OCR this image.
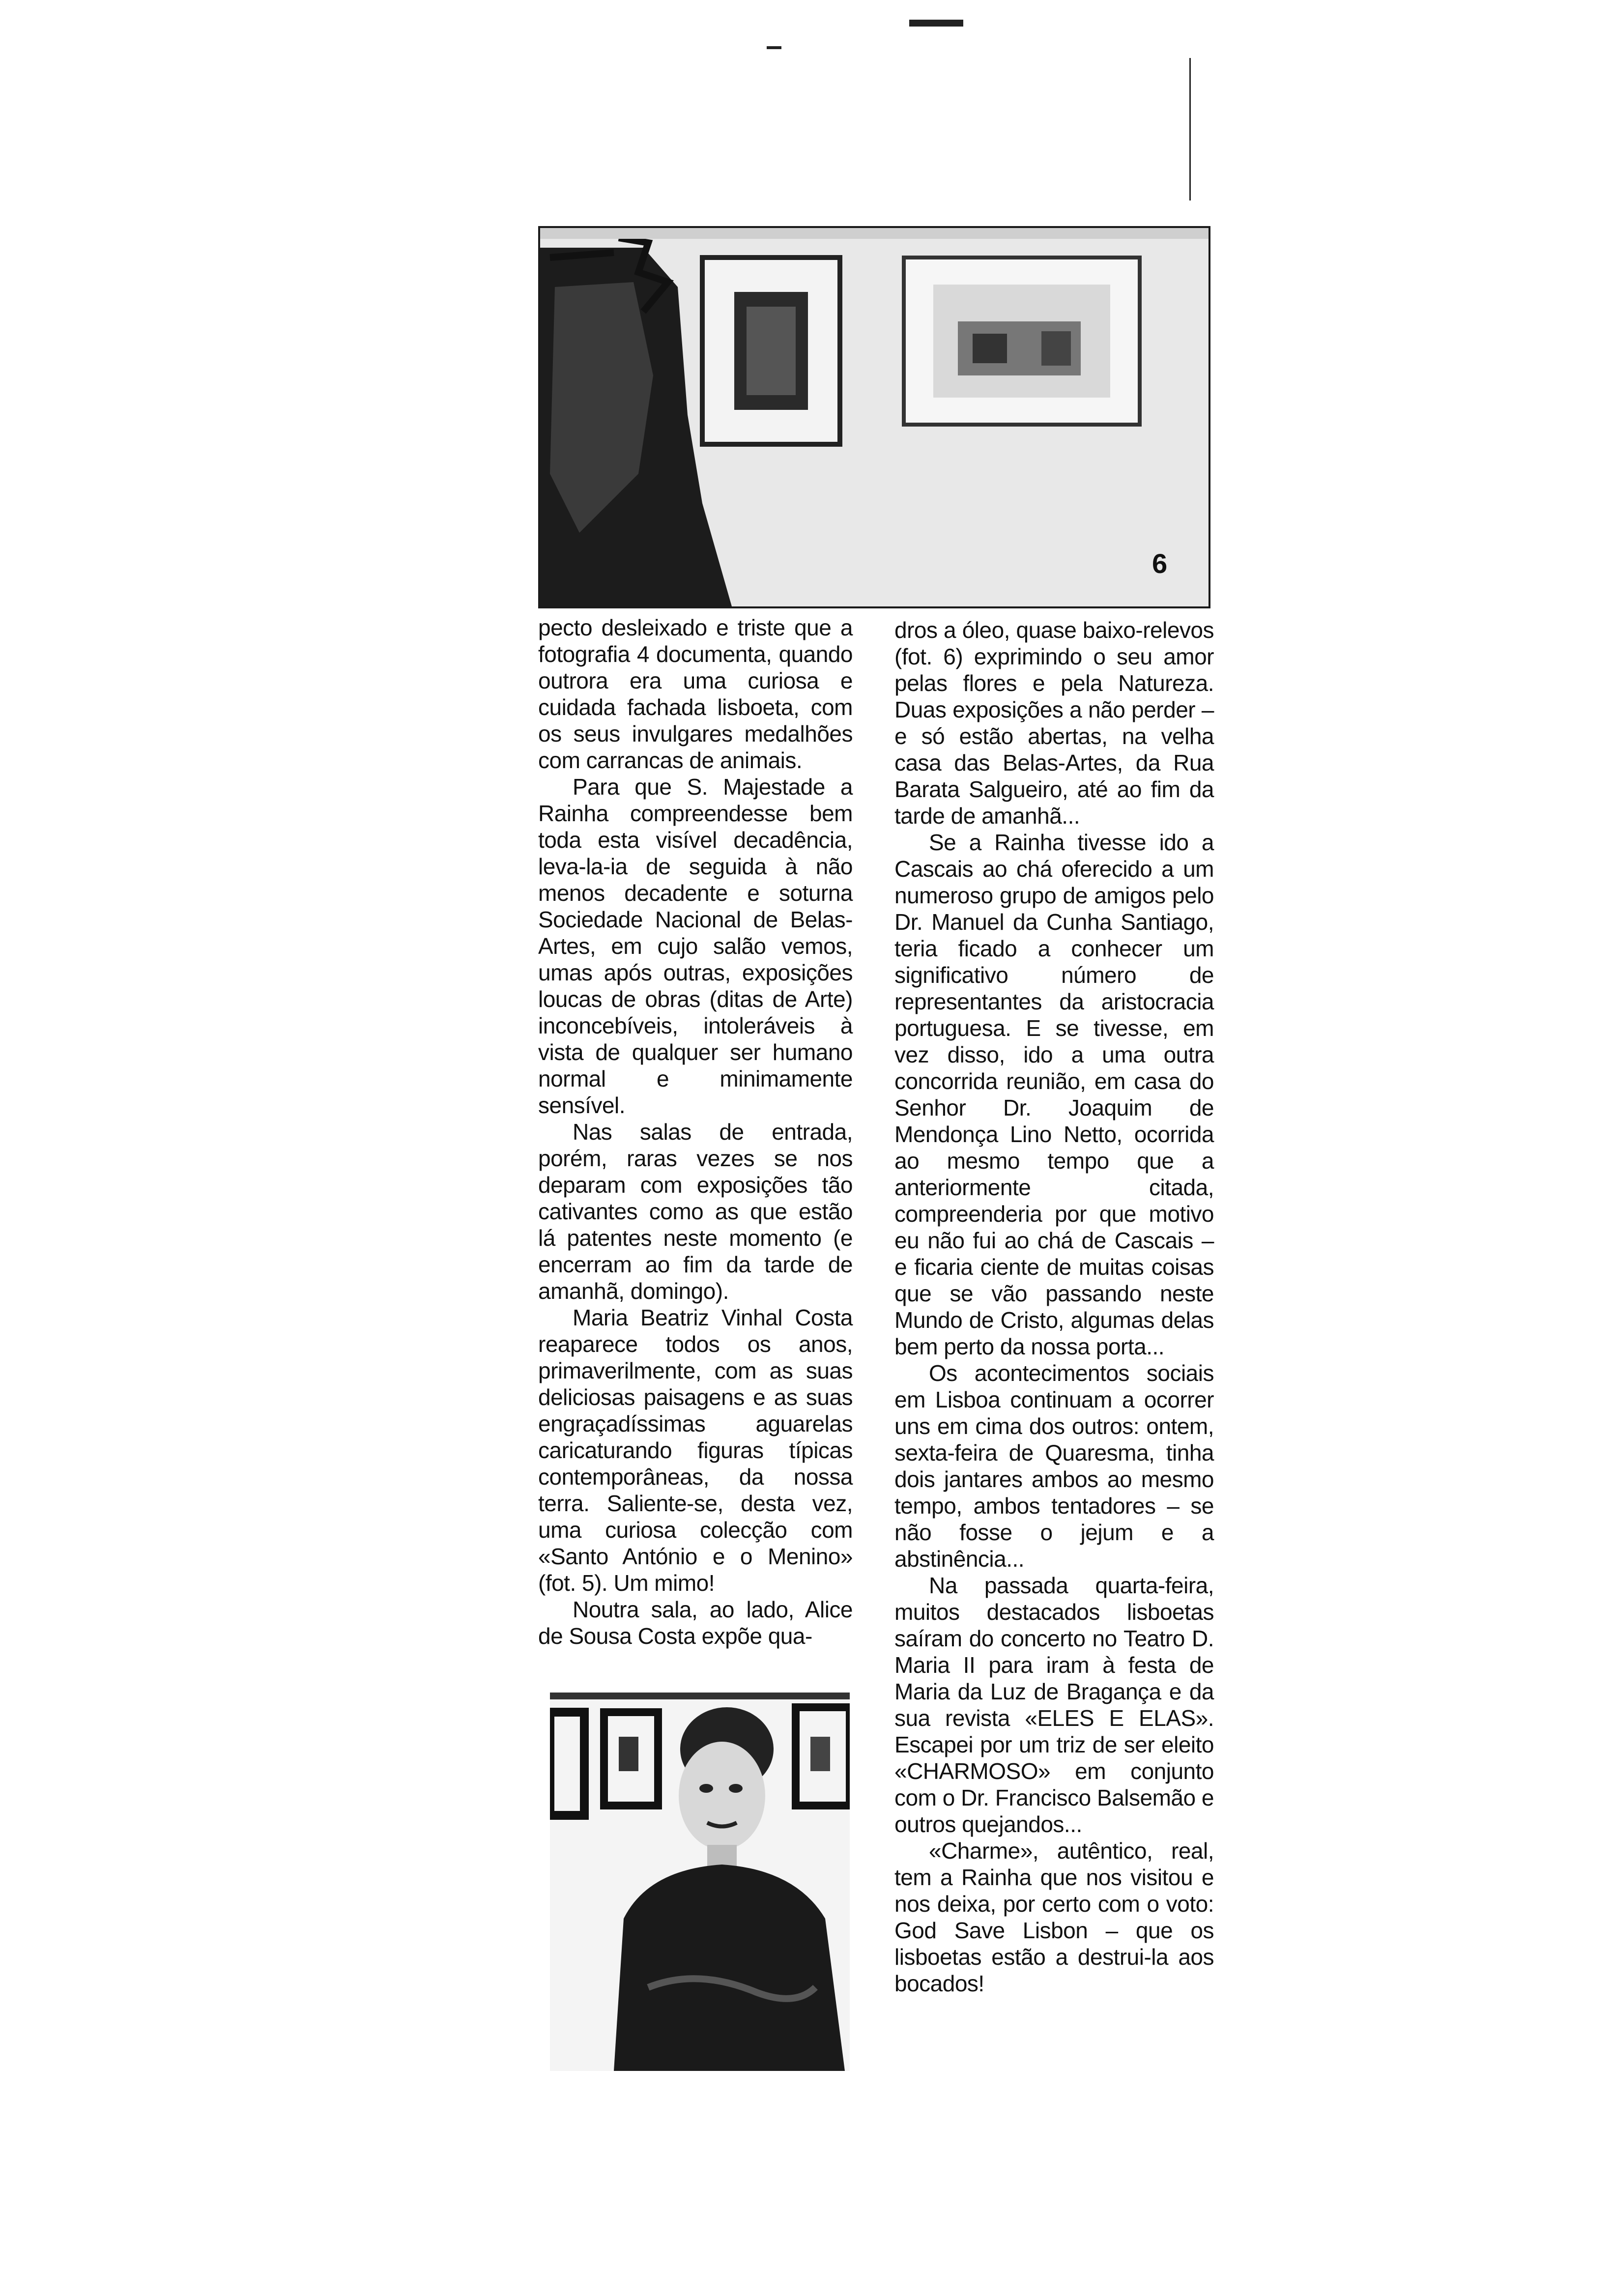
6

pecto desleixado e triste que a fotografia 4 documenta, quando outrora era uma curiosa e cuidada fachada lisboeta, com os seus invulgares medalhões com carrancas de animais.

Para que S. Majestade a Rainha compreendesse bem toda esta visível decadência, leva-la-ia de seguida à não menos decadente e soturna Sociedade Nacional de Belas-Artes, em cujo salão vemos, umas após outras, exposições loucas de obras (ditas de Arte) inconcebíveis, intoleráveis à vista de qualquer ser humano normal e minimamente sensível.

Nas salas de entrada, porém, raras vezes se nos deparam com exposições tão cativantes como as que estão lá patentes neste momento (e encerram ao fim da tarde de amanhã, domingo).

Maria Beatriz Vinhal Costa reaparece todos os anos, primaverilmente, com as suas deliciosas paisagens e as suas engraçadíssimas aguarelas caricaturando figuras típicas contemporâneas, da nossa terra. Saliente-se, desta vez, uma curiosa colecção com «Santo António e o Menino» (fot. 5). Um mimo!

Noutra sala, ao lado, Alice de Sousa Costa expõe qua-

dros a óleo, quase baixo-relevos (fot. 6) exprimindo o seu amor pelas flores e pela Natureza. Duas exposições a não perder – e só estão abertas, na velha casa das Belas-Artes, da Rua Barata Salgueiro, até ao fim da tarde de amanhã...

Se a Rainha tivesse ido a Cascais ao chá oferecido a um numeroso grupo de amigos pelo Dr. Manuel da Cunha Santiago, teria ficado a conhecer um significativo número de representantes da aristocracia portuguesa. E se tivesse, em vez disso, ido a uma outra concorrida reunião, em casa do Senhor Dr. Joaquim de Mendonça Lino Netto, ocorrida ao mesmo tempo que a anteriormente citada, compreenderia por que motivo eu não fui ao chá de Cascais – e ficaria ciente de muitas coisas que se vão passando neste Mundo de Cristo, algumas delas bem perto da nossa porta...

Os acontecimentos sociais em Lisboa continuam a ocorrer uns em cima dos outros: ontem, sexta-feira de Quaresma, tinha dois jantares ambos ao mesmo tempo, ambos tentadores – se não fosse o jejum e a abstinência...

Na passada quarta-feira, muitos destacados lisboetas saíram do concerto no Teatro D. Maria II para iram à festa de Maria da Luz de Bragança e da sua revista «ELES E ELAS». Escapei por um triz de ser eleito «CHARMOSO» em conjunto com o Dr. Francisco Balsemão e outros quejandos...

«Charme», autêntico, real, tem a Rainha que nos visitou e nos deixa, por certo com o voto: God Save Lisbon – que os lisboetas estão a destrui-la aos bocados!
